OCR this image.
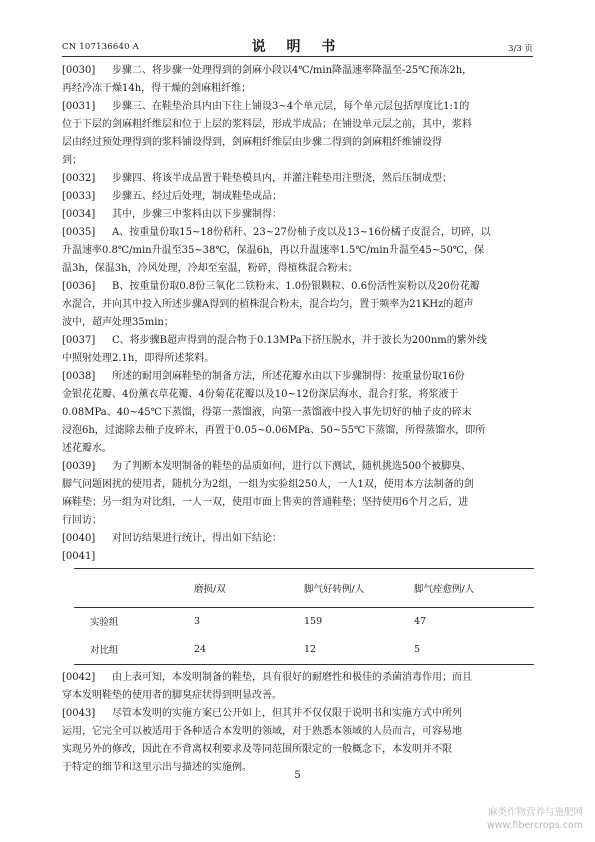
CN 107136640 A	说 明 书	3/3 页

[0030] 步骤二、将步骤一处理得到的剑麻小段以4℃/min降温速率降温至-25℃预冻2h，

再经冷冻干燥14h，得干燥的剑麻粗纤维；

[0031] 步骤三、在鞋垫治具内由下往上铺设3~4个单元层，每个单元层包括厚度比1:1的

位于下层的剑麻粗纤维层和位于上层的浆料层，形成半成品；在铺设单元层之前，其中，浆料

层由经过预处理得到的浆料铺设得到，剑麻粗纤维层由步骤二得到的剑麻粗纤维铺设得

到；

[0032] 步骤四、将该半成品置于鞋垫模具内，并灌注鞋垫用注塑浇，然后压制成型；

[0033] 步骤五、经过后处理，制成鞋垫成品；

[0034] 其中，步骤三中浆料由以下步骤制得：

[0035] A、按重量份取15~18份秸秆、23~27份柚子皮以及13~16份橘子皮混合，切碎，以

升温速率0.8℃/min升温至35~38℃，保温6h，再以升温速率1.5℃/min升温至45~50℃，保

温3h，保温3h，冷风处理，冷却至室温，粉碎，得植株混合粉末；

[0036] B、按重量份取0.8份三氧化二铁粉末、1.0份银颗粒、0.6份活性炭粉以及20份花瓣

水混合，并向其中投入所述步骤A得到的植株混合粉末，混合均匀，置于频率为21KHz的超声

波中，超声处理35min；

[0037] C、将步骤B超声得到的混合物于0.13MPa下挤压脱水，并于波长为200nm的紫外线

中照射处理2.1h，即得所述浆料。

[0038] 所述的耐用剑麻鞋垫的制备方法，所述花瓣水由以下步骤制得：按重量份取16份

金银花花瓣、4份薰衣草花瓣、4份菊花花瓣以及10~12份深层海水，混合打浆，将浆液于

0.08MPa、40~45℃下蒸馏，得第一蒸馏液，向第一蒸馏液中投入事先切好的柚子皮的碎末

浸泡6h，过滤除去柚子皮碎末，再置于0.05~0.06MPa、50~55℃下蒸馏，所得蒸馏水，即所

述花瓣水。

[0039] 为了判断本发明制备的鞋垫的品质如何，进行以下测试，随机挑选500个被脚臭、

脚气问题困扰的使用者，随机分为2组，一组为实验组250人，一人1双，使用本方法制备的剑

麻鞋垫；另一组为对比组，一人一双，使用市面上售卖的普通鞋垫；坚持使用6个月之后，进

行回访；

[0040] 对回访结果进行统计，得出如下结论：

[0041]

	磨损/双	脚气好转例/人	脚气痊愈例/人
实验组	3	159	47
对比组	24	12	5

[0042] 由上表可知，本发明制备的鞋垫，具有很好的耐磨性和极佳的杀菌消毒作用；而且

穿本发明鞋垫的使用者的脚臭症状得到明显改善。

[0043] 尽管本发明的实施方案已公开如上，但其并不仅仅限于说明书和实施方式中所列

运用，它完全可以被适用于各种适合本发明的领域，对于熟悉本领域的人员而言，可容易地

实现另外的修改，因此在不背离权利要求及等同范围所限定的一般概念下，本发明并不限

于特定的细节和这里示出与描述的实施例。

5
麻类作物营养与施肥网
www.fibercrops.com
